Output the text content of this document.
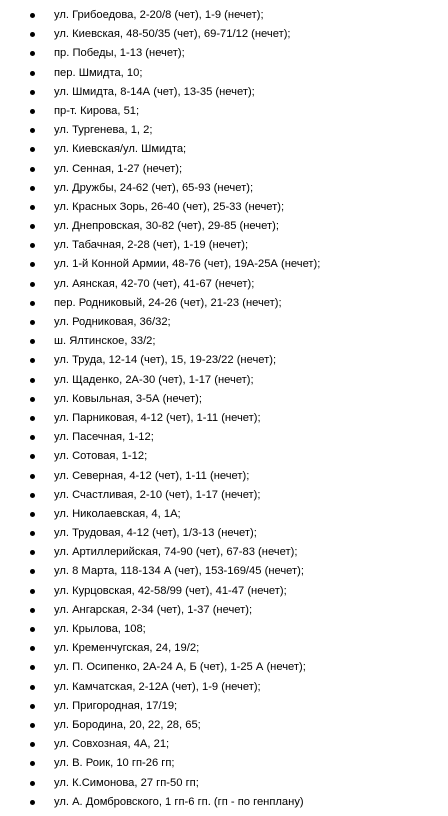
ул. Грибоедова, 2-20/8 (чет), 1-9 (нечет);
ул. Киевская, 48-50/35 (чет), 69-71/12 (нечет);
пр. Победы, 1-13 (нечет);
пер. Шмидта, 10;
ул. Шмидта, 8-14А (чет), 13-35 (нечет);
пр-т. Кирова, 51;
ул. Тургенева, 1, 2;
ул. Киевская/ул. Шмидта;
ул. Сенная, 1-27 (нечет);
ул. Дружбы, 24-62 (чет), 65-93 (нечет);
ул. Красных Зорь, 26-40 (чет), 25-33 (нечет);
ул. Днепровская, 30-82 (чет), 29-85 (нечет);
ул. Табачная, 2-28 (чет), 1-19 (нечет);
ул. 1-й Конной Армии, 48-76 (чет), 19А-25А (нечет);
ул. Аянская, 42-70 (чет), 41-67 (нечет);
пер. Родниковый, 24-26 (чет), 21-23 (нечет);
ул. Родниковая, 36/32;
ш. Ялтинское, 33/2;
ул. Труда, 12-14 (чет), 15, 19-23/22 (нечет);
ул. Щаденко, 2А-30 (чет), 1-17 (нечет);
ул. Ковыльная, 3-5А (нечет);
ул. Парниковая, 4-12 (чет), 1-11 (нечет);
ул. Пасечная, 1-12;
ул. Сотовая, 1-12;
ул. Северная, 4-12 (чет), 1-11 (нечет);
ул. Счастливая, 2-10 (чет), 1-17 (нечет);
ул. Николаевская, 4, 1А;
ул. Трудовая, 4-12 (чет), 1/3-13 (нечет);
ул. Артиллерийская, 74-90 (чет), 67-83 (нечет);
ул. 8 Марта, 118-134 А (чет), 153-169/45 (нечет);
ул. Курцовская, 42-58/99 (чет), 41-47 (нечет);
ул. Ангарская, 2-34 (чет), 1-37 (нечет);
ул. Крылова, 108;
ул. Кременчугская, 24, 19/2;
ул. П. Осипенко, 2А-24 А, Б (чет), 1-25 А (нечет);
ул. Камчатская, 2-12А (чет), 1-9 (нечет);
ул. Пригородная, 17/19;
ул. Бородина, 20, 22, 28, 65;
ул. Совхозная, 4А, 21;
ул. В. Роик, 10 гп-26 гп;
ул. К.Симонова, 27 гп-50 гп;
ул. А. Домбровского, 1 гп-6 гп. (гп - по генплану)
